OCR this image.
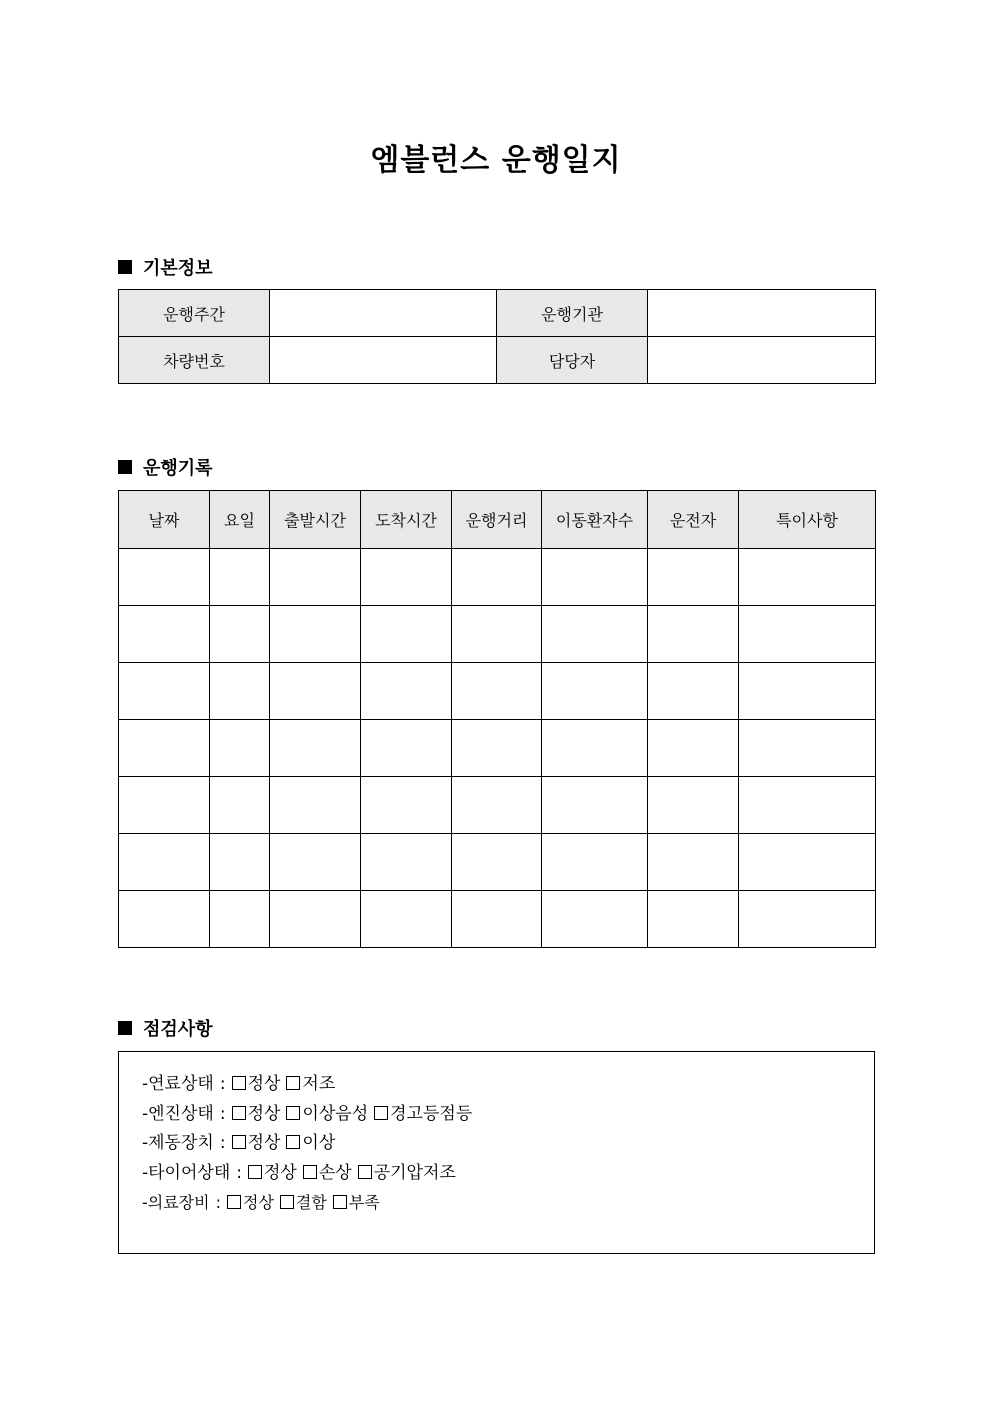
엠블런스 운행일지
기본정보
운행주간		운행기관	
차량번호		담당자	
운행기록
날짜	요일	출발시간	도착시간	운행거리	이동환자수	운전자	특이사항

점검사항
-연료상태 : 정상 저조
-엔진상태 : 정상 이상음성 경고등점등
-제동장치 : 정상 이상
-타이어상태 : 정상 손상 공기압저조
-의료장비 : 정상 결함 부족
